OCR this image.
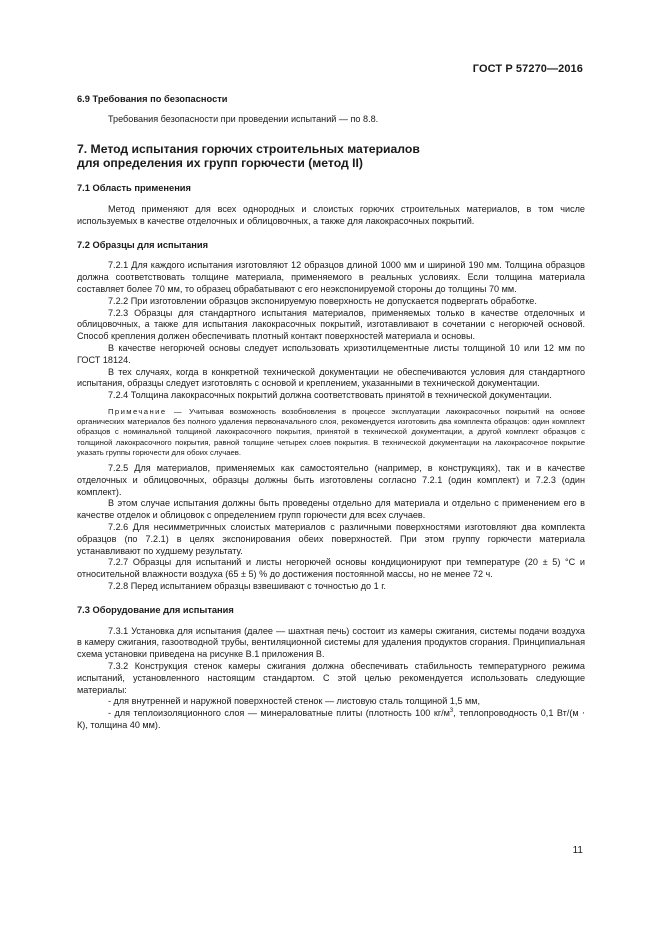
ГОСТ Р 57270—2016

6.9 Требования по безопасности

Требования безопасности при проведении испытаний — по 8.8.

7. Метод испытания горючих строительных материалов

для определения их групп горючести (метод II)

7.1 Область применения

Метод применяют для всех однородных и слоистых горючих строительных материалов, в том числе используемых в качестве отделочных и облицовочных, а также для лакокрасочных покрытий.

7.2 Образцы для испытания

7.2.1 Для каждого испытания изготовляют 12 образцов длиной 1000 мм и шириной 190 мм. Толщина образцов должна соответствовать толщине материала, применяемого в реальных условиях. Если толщина материала составляет более 70 мм, то образец обрабатывают с его неэкспонируемой стороны до толщины 70 мм.

7.2.2 При изготовлении образцов экспонируемую поверхность не допускается подвергать обработке.

7.2.3 Образцы для стандартного испытания материалов, применяемых только в качестве отделочных и облицовочных, а также для испытания лакокрасочных покрытий, изготавливают в сочетании с негорючей основой. Способ крепления должен обеспечивать плотный контакт поверхностей материала и основы.

В качестве негорючей основы следует использовать хризотилцементные листы толщиной 10 или 12 мм по ГОСТ 18124.

В тех случаях, когда в конкретной технической документации не обеспечиваются условия для стандартного испытания, образцы следует изготовлять с основой и креплением, указанными в технической документации.

7.2.4 Толщина лакокрасочных покрытий должна соответствовать принятой в технической документации.

Примечание — Учитывая возможность возобновления в процессе эксплуатации лакокрасочных покрытий на основе органических материалов без полного удаления первоначального слоя, рекомендуется изготовить два комплекта образцов: один комплект образцов с номинальной толщиной лакокрасочного покрытия, принятой в технической документации, а другой комплект образцов с толщиной лакокрасочного покрытия, равной толщине четырех слоев покрытия. В технической документации на лакокрасочное покрытие указать группы горючести для обоих случаев.

7.2.5 Для материалов, применяемых как самостоятельно (например, в конструкциях), так и в качестве отделочных и облицовочных, образцы должны быть изготовлены согласно 7.2.1 (один комплект) и 7.2.3 (один комплект).

В этом случае испытания должны быть проведены отдельно для материала и отдельно с применением его в качестве отделок и облицовок с определением групп горючести для всех случаев.

7.2.6 Для несимметричных слоистых материалов с различными поверхностями изготовляют два комплекта образцов (по 7.2.1) в целях экспонирования обеих поверхностей. При этом группу горючести материала устанавливают по худшему результату.

7.2.7 Образцы для испытаний и листы негорючей основы кондиционируют при температуре (20 ± 5) °С и относительной влажности воздуха (65 ± 5) % до достижения постоянной массы, но не менее 72 ч.

7.2.8 Перед испытанием образцы взвешивают с точностью до 1 г.

7.3 Оборудование для испытания

7.3.1 Установка для испытания (далее — шахтная печь) состоит из камеры сжигания, системы подачи воздуха в камеру сжигания, газоотводной трубы, вентиляционной системы для удаления продуктов сгорания. Принципиальная схема установки приведена на рисунке В.1 приложения В.

7.3.2 Конструкция стенок камеры сжигания должна обеспечивать стабильность температурного режима испытаний, установленного настоящим стандартом. С этой целью рекомендуется использовать следующие материалы:

- для внутренней и наружной поверхностей стенок — листовую сталь толщиной 1,5 мм,

- для теплоизоляционного слоя — минераловатные плиты (плотность 100 $кг/м^3$, теплопроводность 0,1 Вт/(м ⋅ К), толщина 40 мм).

11
